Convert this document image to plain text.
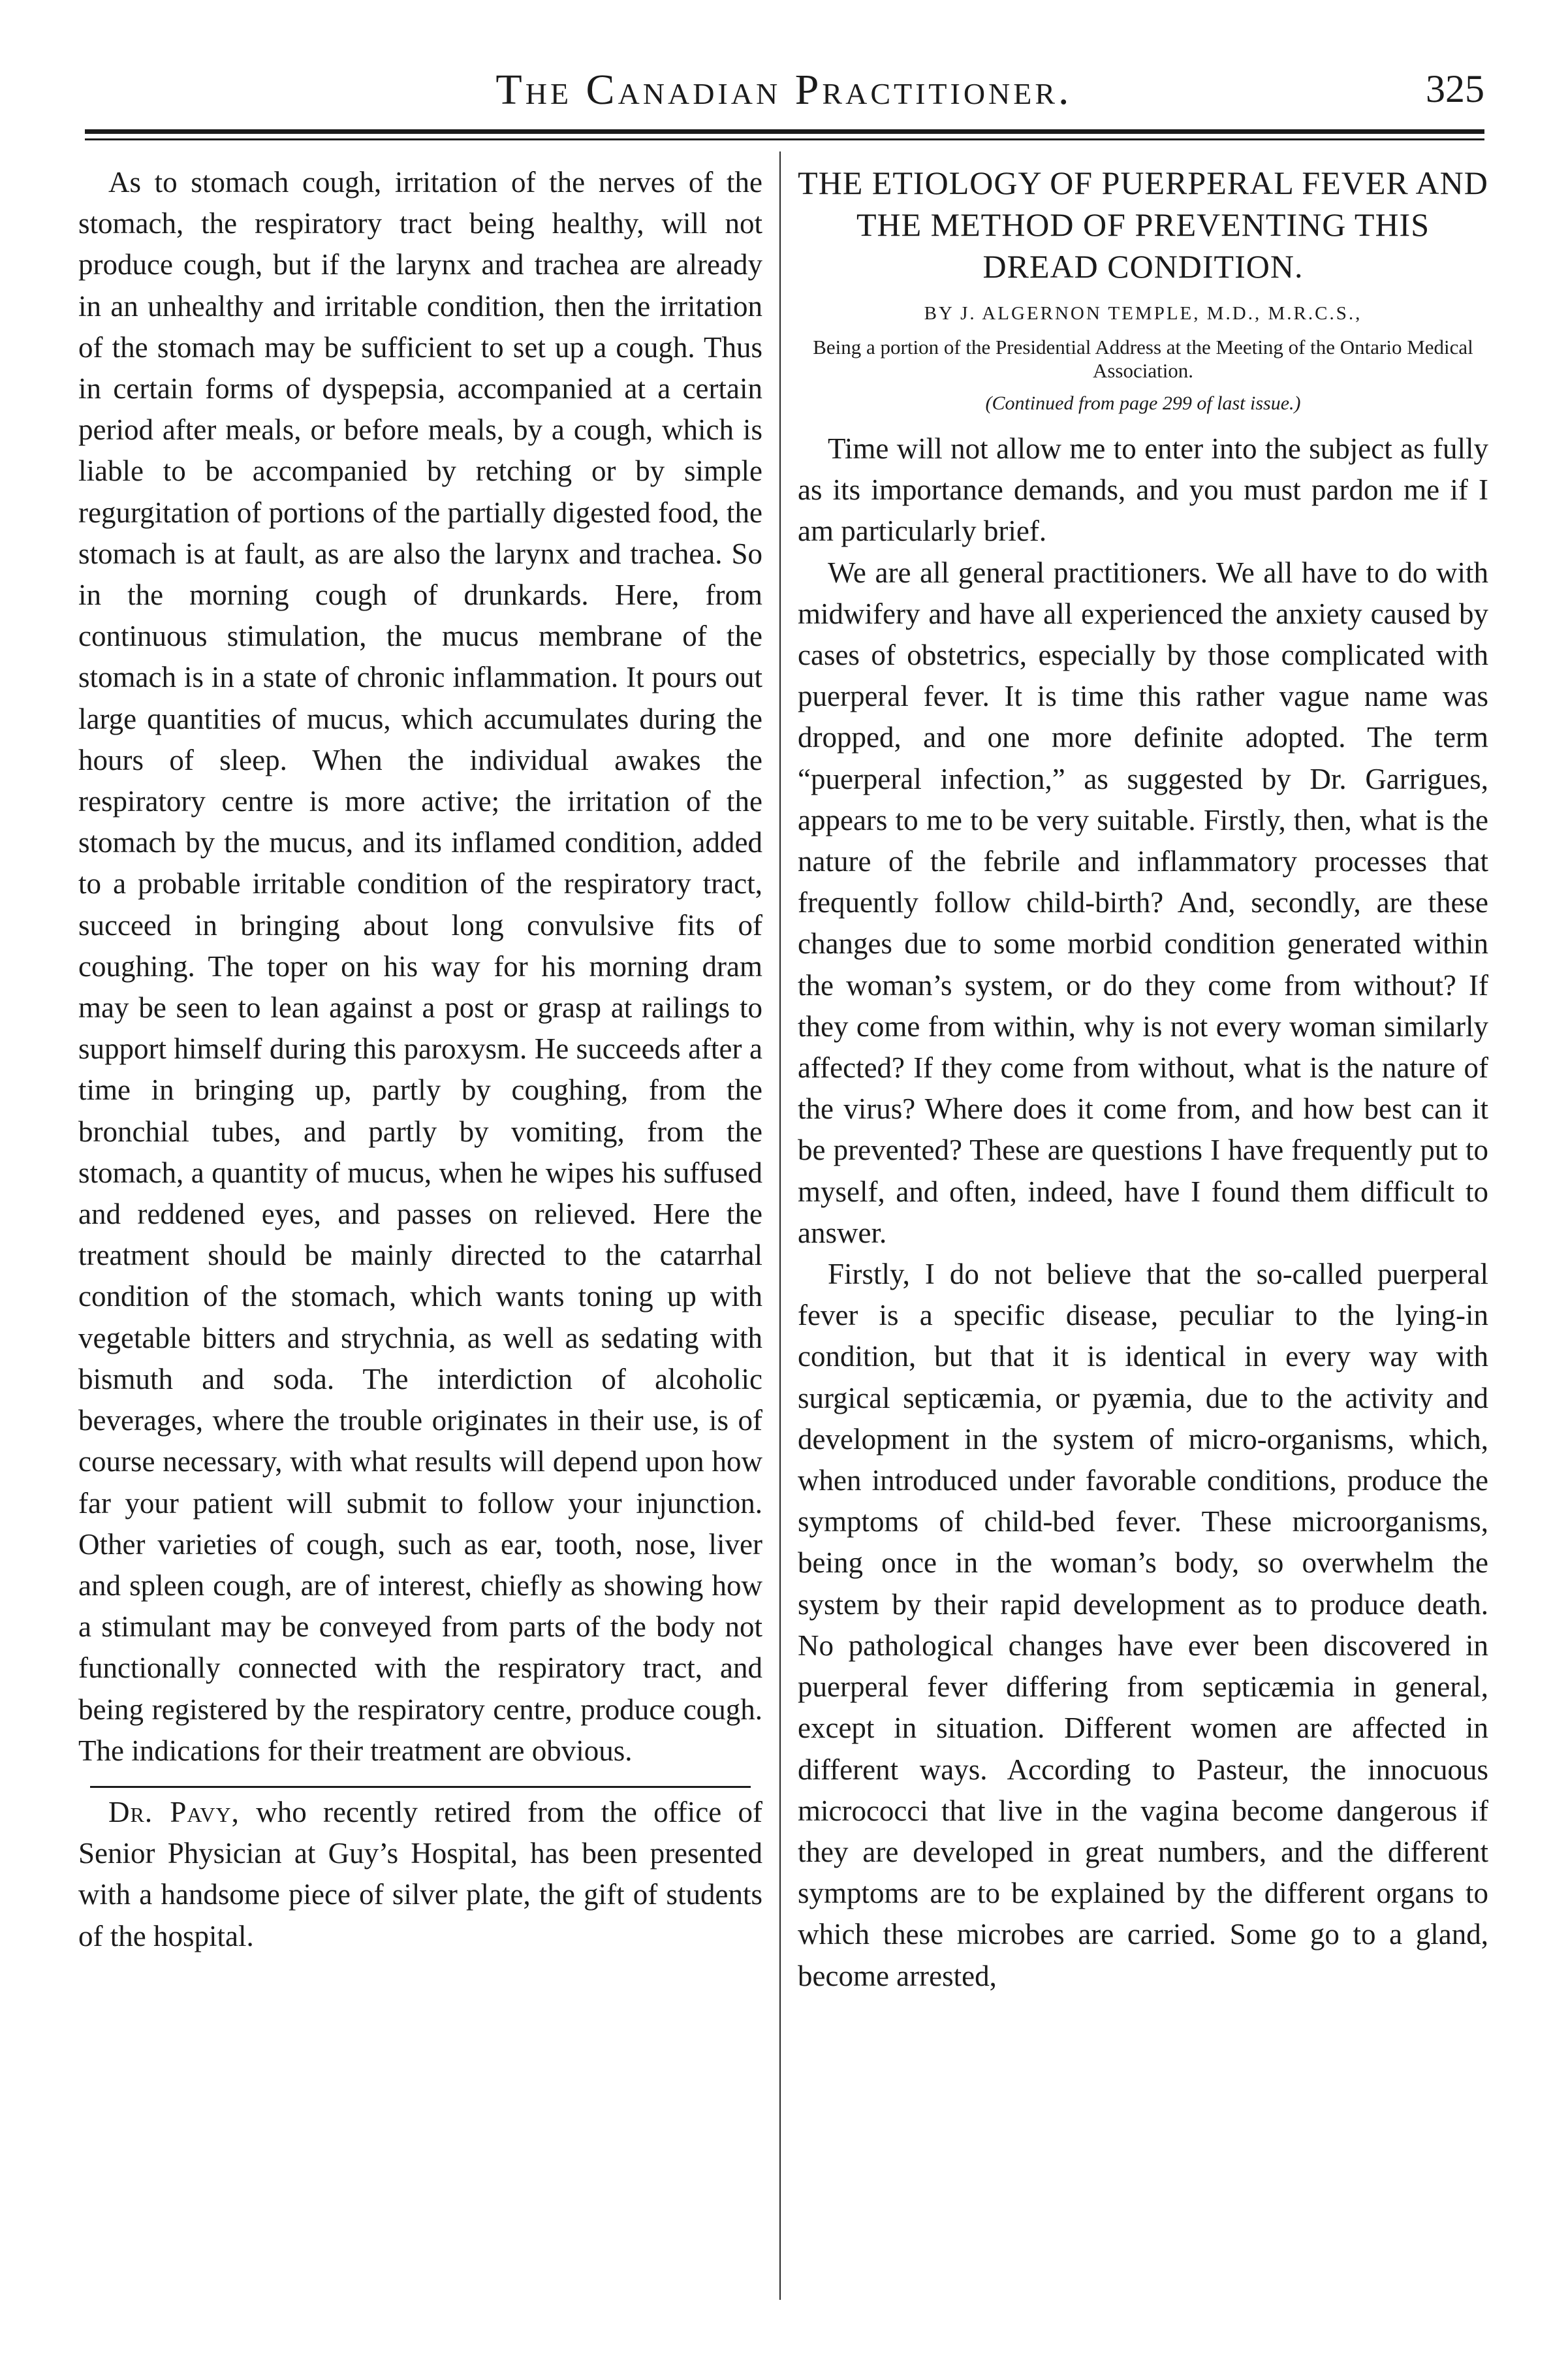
The Canadian Practitioner.	325

As to stomach cough, irritation of the nerves of the stomach, the respiratory tract being healthy, will not produce cough, but if the larynx and trachea are already in an unhealthy and irritable condition, then the irritation of the stomach may be sufficient to set up a cough. Thus in certain forms of dyspepsia, accompanied at a certain period after meals, or before meals, by a cough, which is liable to be accompanied by retching or by simple regurgitation of portions of the partially digested food, the stomach is at fault, as are also the larynx and trachea. So in the morning cough of drunkards. Here, from continuous stimulation, the mucus membrane of the stomach is in a state of chronic inflammation. It pours out large quantities of mucus, which accumulates during the hours of sleep. When the individual awakes the respiratory centre is more active; the irritation of the stomach by the mucus, and its inflamed condition, added to a probable irritable condition of the respiratory tract, succeed in bringing about long convulsive fits of coughing. The toper on his way for his morning dram may be seen to lean against a post or grasp at railings to support himself during this paroxysm. He succeeds after a time in bringing up, partly by coughing, from the bronchial tubes, and partly by vomiting, from the stomach, a quantity of mucus, when he wipes his suffused and reddened eyes, and passes on relieved. Here the treatment should be mainly directed to the catarrhal condition of the stomach, which wants toning up with vegetable bitters and strychnia, as well as sedating with bismuth and soda. The interdiction of alcoholic beverages, where the trouble originates in their use, is of course necessary, with what results will depend upon how far your patient will submit to follow your injunction. Other varieties of cough, such as ear, tooth, nose, liver and spleen cough, are of interest, chiefly as showing how a stimulant may be conveyed from parts of the body not functionally connected with the respiratory tract, and being registered by the respiratory centre, produce cough. The indications for their treatment are obvious.

Dr. Pavy, who recently retired from the office of Senior Physician at Guy’s Hospital, has been presented with a handsome piece of silver plate, the gift of students of the hospital.

THE ETIOLOGY OF PUERPERAL FEVER AND THE METHOD OF PREVENTING THIS DREAD CONDITION.
BY J. ALGERNON TEMPLE, M.D., M.R.C.S.,
Being a portion of the Presidential Address at the Meeting of the Ontario Medical Association.
(Continued from page 299 of last issue.)

Time will not allow me to enter into the subject as fully as its importance demands, and you must pardon me if I am particularly brief.

We are all general practitioners. We all have to do with midwifery and have all experienced the anxiety caused by cases of obstetrics, especially by those complicated with puerperal fever. It is time this rather vague name was dropped, and one more definite adopted. The term “puerperal infection,” as suggested by Dr. Garrigues, appears to me to be very suitable. Firstly, then, what is the nature of the febrile and inflammatory processes that frequently follow child-birth? And, secondly, are these changes due to some morbid condition generated within the woman’s system, or do they come from without? If they come from within, why is not every woman similarly affected? If they come from without, what is the nature of the virus? Where does it come from, and how best can it be prevented? These are questions I have frequently put to myself, and often, indeed, have I found them difficult to answer.

Firstly, I do not believe that the so-called puerperal fever is a specific disease, peculiar to the lying-in condition, but that it is identical in every way with surgical septicæmia, or pyæmia, due to the activity and development in the system of micro-organisms, which, when introduced under favorable conditions, produce the symptoms of child-bed fever. These microorganisms, being once in the woman’s body, so overwhelm the system by their rapid development as to produce death. No pathological changes have ever been discovered in puerperal fever differing from septicæmia in general, except in situation. Different women are affected in different ways. According to Pasteur, the innocuous micrococci that live in the vagina become dangerous if they are developed in great numbers, and the different symptoms are to be explained by the different organs to which these microbes are carried. Some go to a gland, become arrested,
